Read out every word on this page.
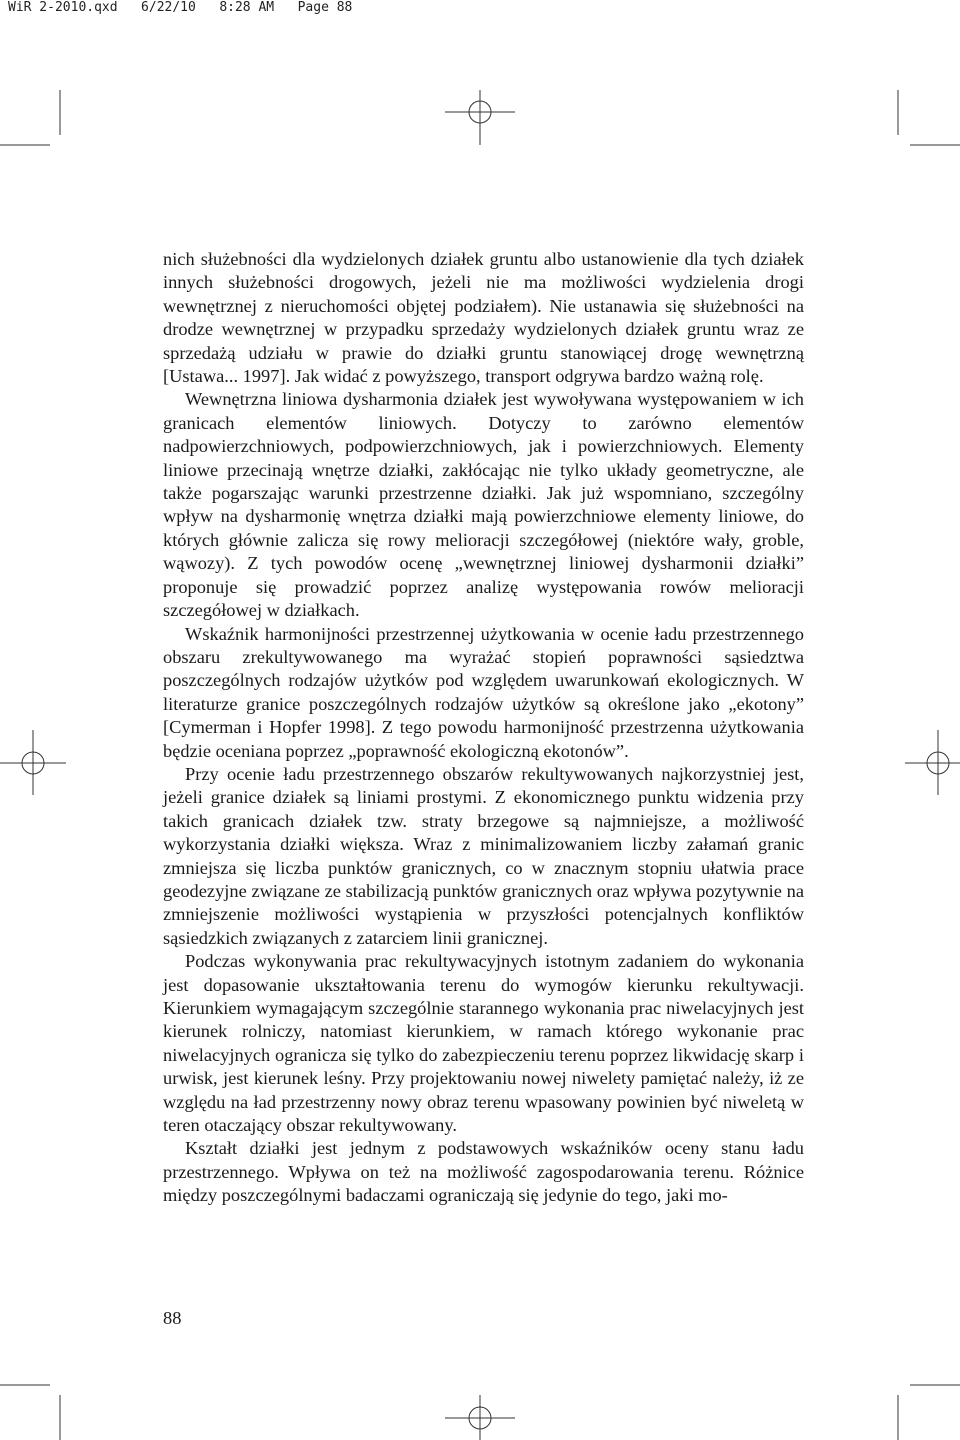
WiR 2-2010.qxd   6/22/10   8:28 AM   Page 88

nich służebności dla wydzielonych działek gruntu albo ustanowienie dla tych działek innych służebności drogowych, jeżeli nie ma możliwości wydzielenia drogi wewnętrznej z nieruchomości objętej podziałem). Nie ustanawia się służebności na drodze wewnętrznej w przypadku sprzedaży wydzielonych działek gruntu wraz ze sprzedażą udziału w prawie do działki gruntu stanowiącej drogę wewnętrzną [Ustawa... 1997]. Jak widać z powyższego, transport odgrywa bardzo ważną rolę.

Wewnętrzna liniowa dysharmonia działek jest wywoływana występowaniem w ich granicach elementów liniowych. Dotyczy to zarówno elementów nadpowierzchniowych, podpowierzchniowych, jak i powierzchniowych. Elementy liniowe przecinają wnętrze działki, zakłócając nie tylko układy geometryczne, ale także pogarszając warunki przestrzenne działki. Jak już wspomniano, szczególny wpływ na dysharmonię wnętrza działki mają powierzchniowe elementy liniowe, do których głównie zalicza się rowy melioracji szczegółowej (niektóre wały, groble, wąwozy). Z tych powodów ocenę „wewnętrznej liniowej dysharmonii działki” proponuje się prowadzić poprzez analizę występowania rowów melioracji szczegółowej w działkach.

Wskaźnik harmonijności przestrzennej użytkowania w ocenie ładu przestrzennego obszaru zrekultywowanego ma wyrażać stopień poprawności sąsiedztwa poszczególnych rodzajów użytków pod względem uwarunkowań ekologicznych. W literaturze granice poszczególnych rodzajów użytków są określone jako „ekotony” [Cymerman i Hopfer 1998]. Z tego powodu harmonijność przestrzenna użytkowania będzie oceniana poprzez „poprawność ekologiczną ekotonów”.

Przy ocenie ładu przestrzennego obszarów rekultywowanych najkorzystniej jest, jeżeli granice działek są liniami prostymi. Z ekonomicznego punktu widzenia przy takich granicach działek tzw. straty brzegowe są najmniejsze, a możliwość wykorzystania działki większa. Wraz z minimalizowaniem liczby załamań granic zmniejsza się liczba punktów granicznych, co w znacznym stopniu ułatwia prace geodezyjne związane ze stabilizacją punktów granicznych oraz wpływa pozytywnie na zmniejszenie możliwości wystąpienia w przyszłości potencjalnych konfliktów sąsiedzkich związanych z zatarciem linii granicznej.

Podczas wykonywania prac rekultywacyjnych istotnym zadaniem do wykonania jest dopasowanie ukształtowania terenu do wymogów kierunku rekultywacji. Kierunkiem wymagającym szczególnie starannego wykonania prac niwelacyjnych jest kierunek rolniczy, natomiast kierunkiem, w ramach którego wykonanie prac niwelacyjnych ogranicza się tylko do zabezpieczeniu terenu poprzez likwidację skarp i urwisk, jest kierunek leśny. Przy projektowaniu nowej niwelety pamiętać należy, iż ze względu na ład przestrzenny nowy obraz terenu wpasowany powinien być niweletą w teren otaczający obszar rekultywowany.

Kształt działki jest jednym z podstawowych wskaźników oceny stanu ładu przestrzennego. Wpływa on też na możliwość zagospodarowania terenu. Różnice między poszczególnymi badaczami ograniczają się jedynie do tego, jaki mo-

88
